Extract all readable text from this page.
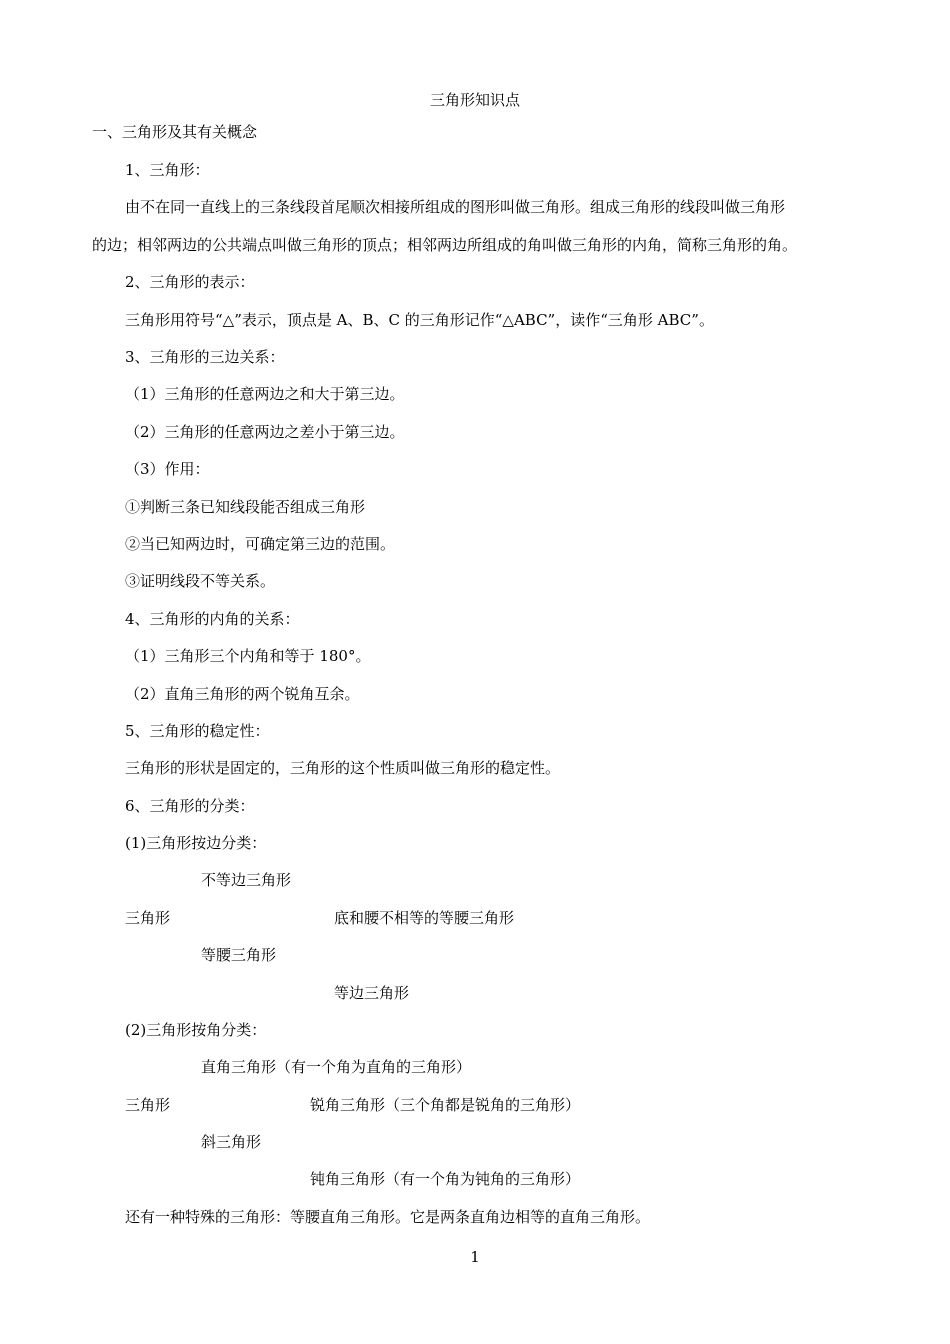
三角形知识点
一、三角形及其有关概念
1、三角形：
由不在同一直线上的三条线段首尾顺次相接所组成的图形叫做三角形。组成三角形的线段叫做三角形
的边；相邻两边的公共端点叫做三角形的顶点；相邻两边所组成的角叫做三角形的内角，简称三角形的角。
2、三角形的表示：
三角形用符号“△”表示，顶点是 A、B、C 的三角形记作“△ABC”，读作“三角形 ABC”。
3、三角形的三边关系：
（1）三角形的任意两边之和大于第三边。
（2）三角形的任意两边之差小于第三边。
（3）作用：
①判断三条已知线段能否组成三角形
②当已知两边时，可确定第三边的范围。
③证明线段不等关系。
4、三角形的内角的关系：
（1）三角形三个内角和等于 180°。
（2）直角三角形的两个锐角互余。
5、三角形的稳定性：
三角形的形状是固定的，三角形的这个性质叫做三角形的稳定性。
6、三角形的分类：
(1)三角形按边分类：
不等边三角形
三角形	底和腰不相等的等腰三角形
等腰三角形
等边三角形
(2)三角形按角分类：
直角三角形（有一个角为直角的三角形）
三角形	锐角三角形（三个角都是锐角的三角形）
斜三角形
钝角三角形（有一个角为钝角的三角形）
还有一种特殊的三角形：等腰直角三角形。它是两条直角边相等的直角三角形。
1
